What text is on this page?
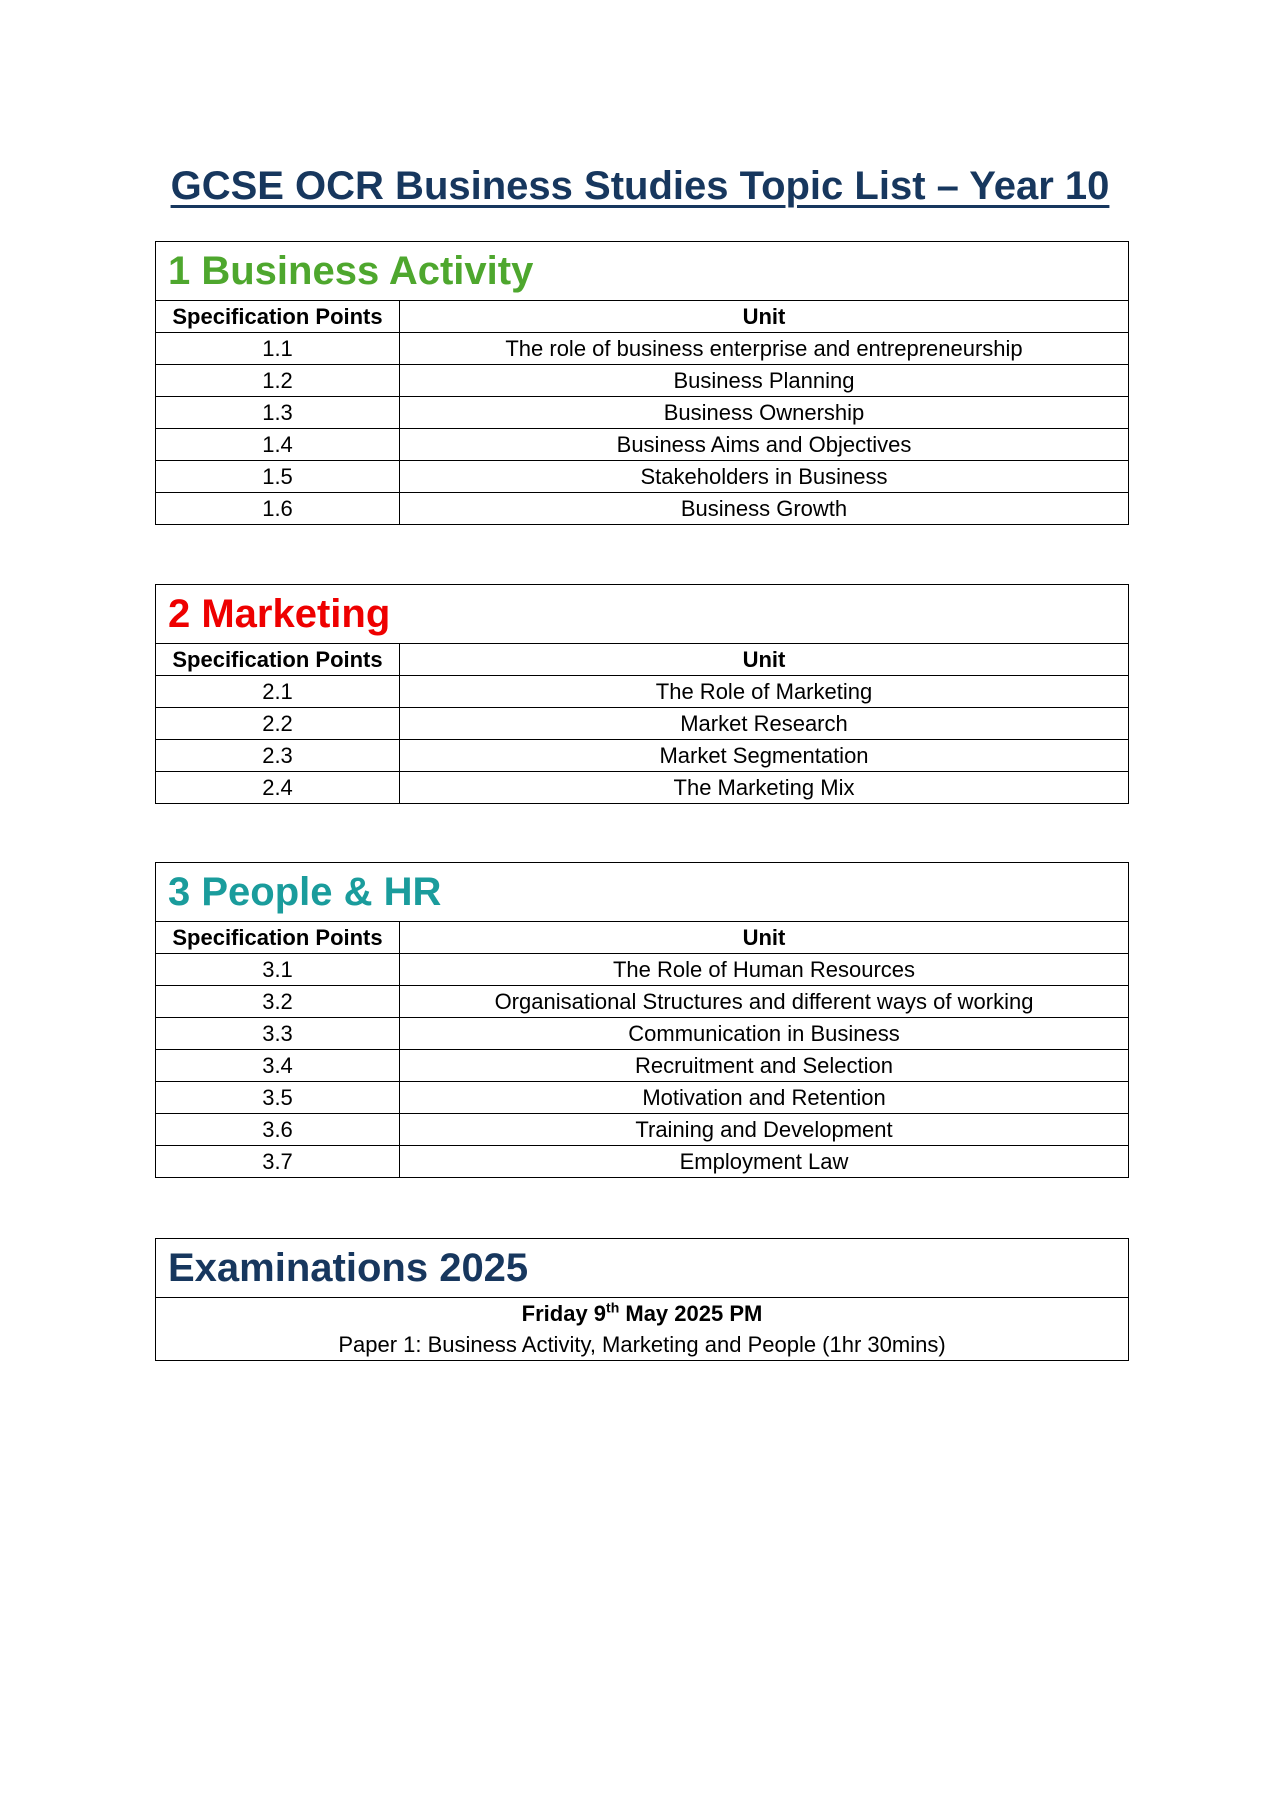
GCSE OCR Business Studies Topic List – Year 10
1 Business Activity	
Specification Points	Unit
1.1	The role of business enterprise and entrepreneurship
1.2	Business Planning
1.3	Business Ownership
1.4	Business Aims and Objectives
1.5	Stakeholders in Business
1.6	Business Growth
2 Marketing	
Specification Points	Unit
2.1	The Role of Marketing
2.2	Market Research
2.3	Market Segmentation
2.4	The Marketing Mix
3 People & HR	
Specification Points	Unit
3.1	The Role of Human Resources
3.2	Organisational Structures and different ways of working
3.3	Communication in Business
3.4	Recruitment and Selection
3.5	Motivation and Retention
3.6	Training and Development
3.7	Employment Law
Examinations 2025

Friday 9th May 2025 PM
Paper 1: Business Activity, Marketing and People (1hr 30mins)
